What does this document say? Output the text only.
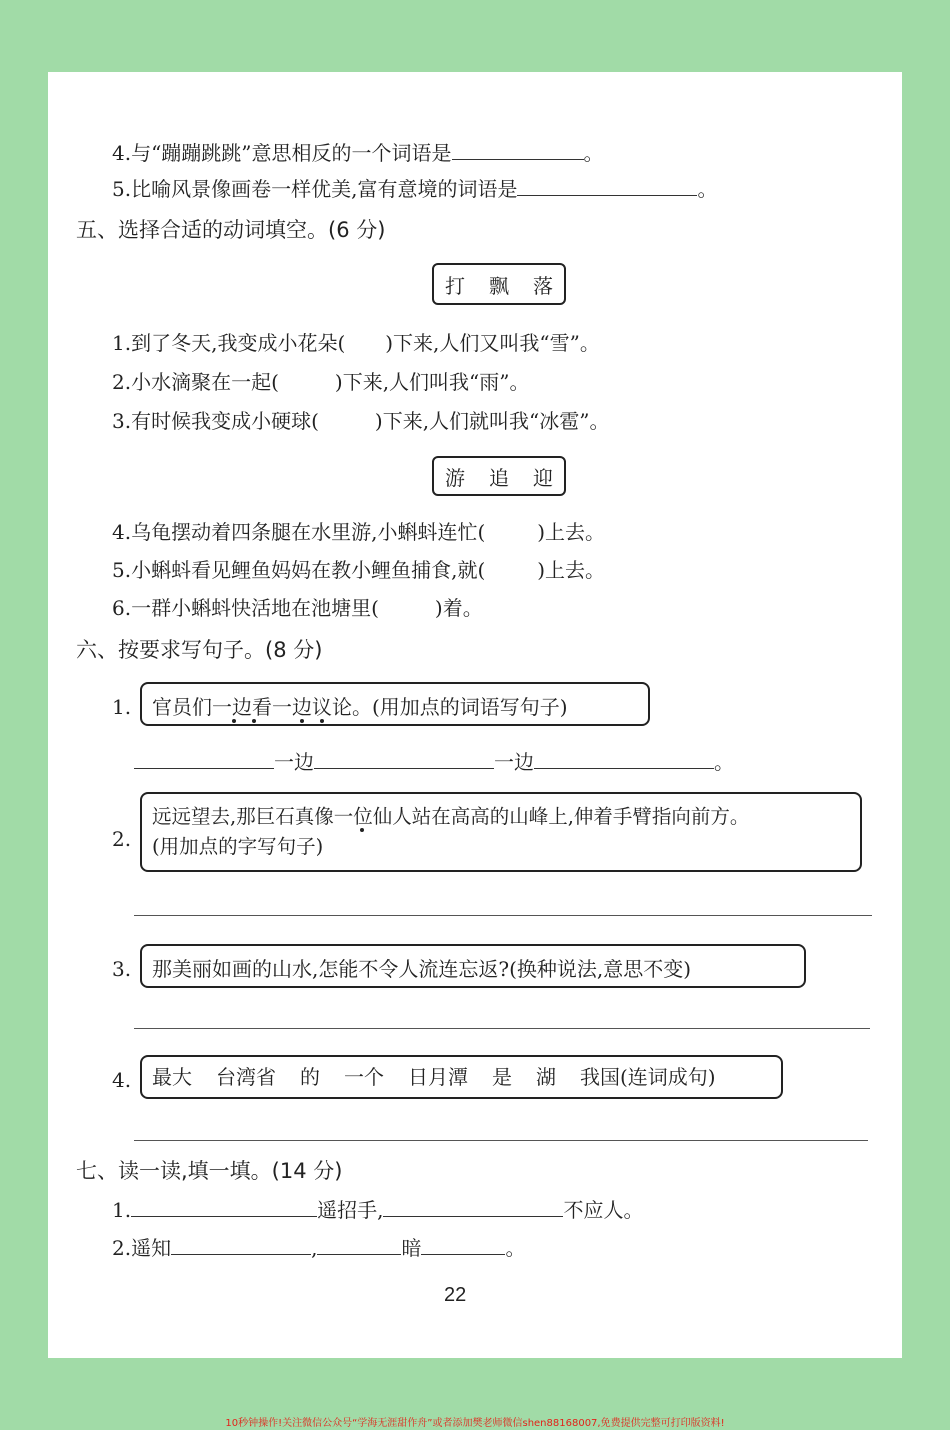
4.与“蹦蹦跳跳”意思相反的一个词语是	。
5.比喻风景像画卷一样优美,富有意境的词语是	。
五、选择合适的动词填空。(6 分)
打 飘 落
1.到了冬天,我变成小花朵( )下来,人们又叫我“雪”。
2.小水滴聚在一起(	)下来,人们叫我“雨”。
3.有时候我变成小硬球(	)下来,人们就叫我“冰雹”。
游 追 迎
4.乌龟摆动着四条腿在水里游,小蝌蚪连忙(	)上去。
5.小蝌蚪看见鲤鱼妈妈在教小鲤鱼捕食,就(	)上去。
6.一群小蝌蚪快活地在池塘里(	)着。
六、按要求写句子。(8 分)
1.	官员们一边看一边议论。(用加点的词语写句子)
一边	一边	。
2.
远远望去,那巨石真像一位仙人站在高高的山峰上,伸着手臂指向前方。
(用加点的字写句子)
3.	那美丽如画的山水,怎能不令人流连忘返?(换种说法,意思不变)
4. 最大 台湾省 的 一个 日月潭 是 湖 我国(连词成句)
七、读一读,填一填。(14 分)
1.	遥招手,	不应人。
2.遥知	,	暗	。
22
10秒钟操作!关注微信公众号“学海无涯甜作舟”或者添加樊老师微信shen88168007,免费提供完整可打印版资料!
